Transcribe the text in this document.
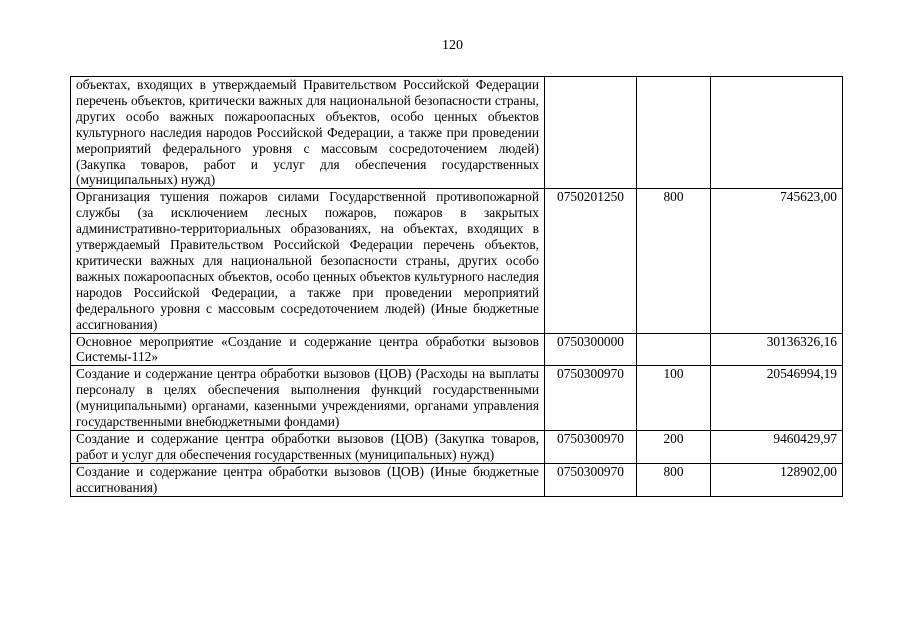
120
объектах, входящих в утверждаемый Правительством Российской Федерации перечень объектов, критически важных для национальной безопасности страны, других особо важных пожароопасных объектов, особо ценных объектов культурного наследия народов Российской Федерации, а также при проведении мероприятий федерального уровня с массовым сосредоточением людей) (Закупка товаров, работ и услуг для обеспечения государственных (муниципальных) нужд)			
Организация тушения пожаров силами Государственной противопожарной службы (за исключением лесных пожаров, пожаров в закрытых административно-территориальных образованиях, на объектах, входящих в утверждаемый Правительством Российской Федерации перечень объектов, критически важных для национальной безопасности страны, других особо важных пожароопасных объектов, особо ценных объектов культурного наследия народов Российской Федерации, а также при проведении мероприятий федерального уровня с массовым сосредоточением людей) (Иные бюджетные ассигнования)	0750201250	800	745623,00
Основное мероприятие «Создание и содержание центра обработки вызовов Системы-112»	0750300000		30136326,16
Создание и содержание центра обработки вызовов (ЦОВ) (Расходы на выплаты персоналу в целях обеспечения выполнения функций государственными (муниципальными) органами, казенными учреждениями, органами управления государственными внебюджетными фондами)	0750300970	100	20546994,19
Создание и содержание центра обработки вызовов (ЦОВ) (Закупка товаров, работ и услуг для обеспечения государственных (муниципальных) нужд)	0750300970	200	9460429,97
Создание и содержание центра обработки вызовов (ЦОВ) (Иные бюджетные ассигнования)	0750300970	800	128902,00
